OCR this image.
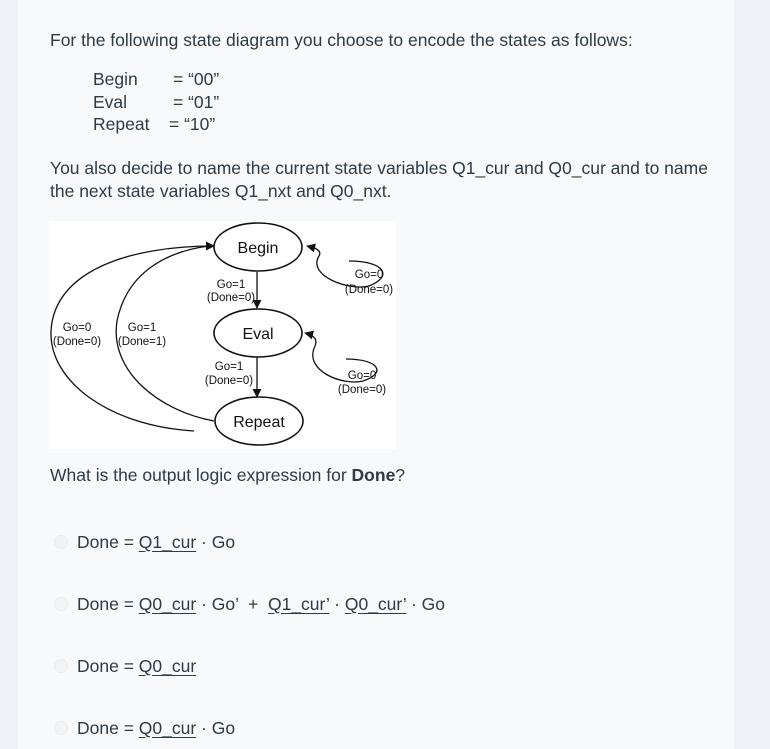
For the following state diagram you choose to encode the states as follows:

Begin = “00”
Eval	= “01”
Repeat = “10”

You also decide to name the current state variables Q1_cur and Q0_cur and to name the next state variables Q1_nxt and Q0_nxt.

Begin
Eval
Repeat
Go=1
(Done=0)
Go=0
(Done=0)
Go=1
(Done=0)	Go=0
(Done=0)
Go=0
(Done=0)
Go=1
(Done=1)

What is the output logic expression for Done?

Done = Q1_cur · Go
Done = Q0_cur · Go’  +  Q1_cur’ · Q0_cur’ · Go
Done = Q0_cur
Done = Q0_cur · Go
